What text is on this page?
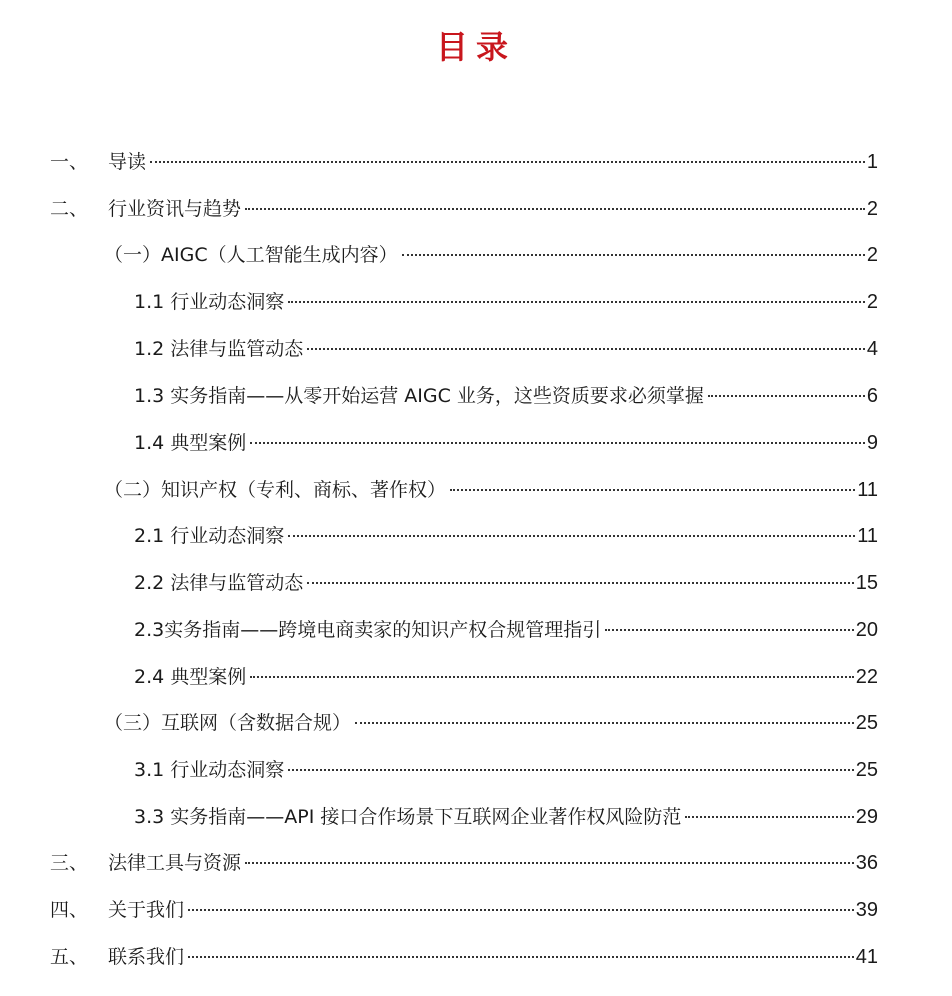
目录
一、	导读	1
二、	行业资讯与趋势	2
（一）AIGC（人工智能生成内容）	2
1.1 行业动态洞察	2
1.2 法律与监管动态	4
1.3 实务指南——从零开始运营 AIGC 业务，这些资质要求必须掌握	6
1.4 典型案例	9
（二）知识产权（专利、商标、著作权）	11
2.1 行业动态洞察	11
2.2 法律与监管动态	15
2.3实务指南——跨境电商卖家的知识产权合规管理指引	20
2.4 典型案例	22
（三）互联网（含数据合规）	25
3.1 行业动态洞察	25
3.3 实务指南——API 接口合作场景下互联网企业著作权风险防范	29
三、	法律工具与资源	36
四、	关于我们	39
五、	联系我们	41
